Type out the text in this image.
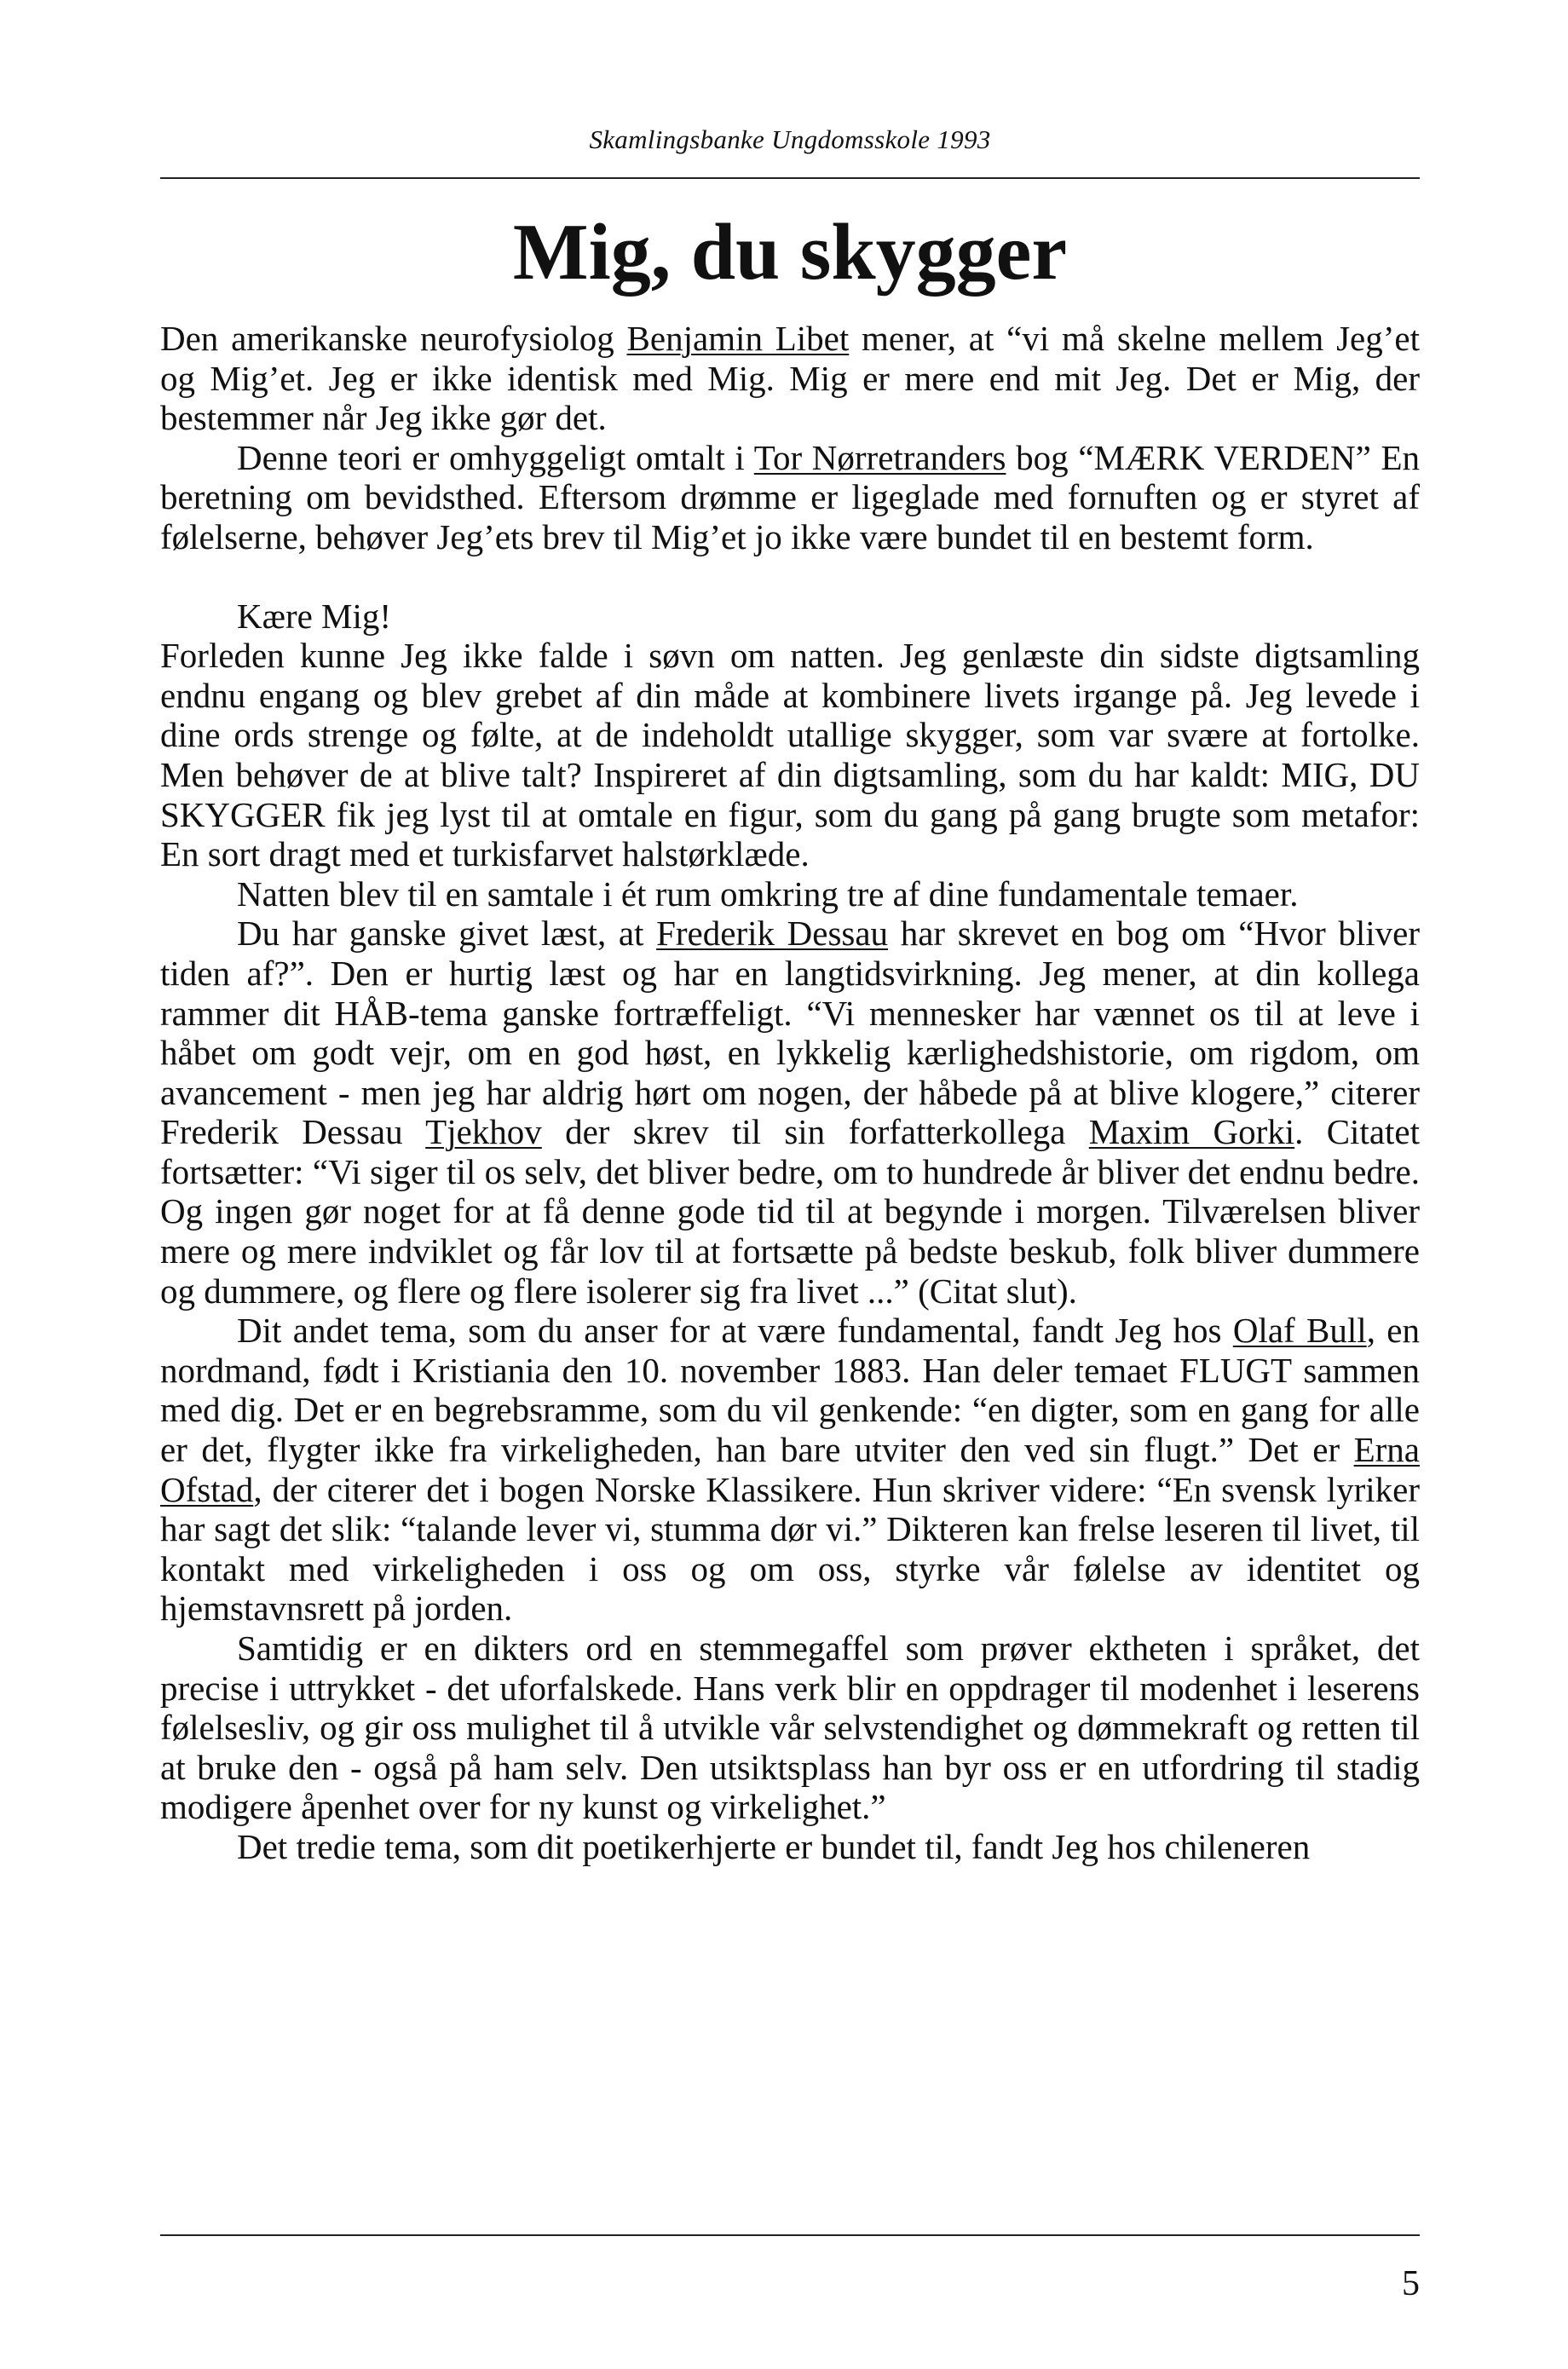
Skamlingsbanke Ungdomsskole 1993
Mig, du skygger

Den amerikanske neurofysiolog Benjamin Libet mener, at “vi må skelne mellem Jeg’et og Mig’et. Jeg er ikke identisk med Mig. Mig er mere end mit Jeg. Det er Mig, der bestemmer når Jeg ikke gør det.

Denne teori er omhyggeligt omtalt i Tor Nørretranders bog “MÆRK VERDEN” En beretning om bevidsthed. Eftersom drømme er ligeglade med fornuften og er styret af følelserne, behøver Jeg’ets brev til Mig’et jo ikke være bundet til en bestemt form.

Kære Mig!

Forleden kunne Jeg ikke falde i søvn om natten. Jeg genlæste din sidste digtsamling endnu engang og blev grebet af din måde at kombinere livets irgange på. Jeg levede i dine ords strenge og følte, at de indeholdt utallige skygger, som var svære at fortolke. Men behøver de at blive talt? Inspireret af din digtsamling, som du har kaldt: MIG, DU SKYGGER fik jeg lyst til at omtale en figur, som du gang på gang brugte som metafor: En sort dragt med et turkisfarvet halstørklæde.

Natten blev til en samtale i ét rum omkring tre af dine fundamentale temaer.

Du har ganske givet læst, at Frederik Dessau har skrevet en bog om “Hvor bliver tiden af?”. Den er hurtig læst og har en langtidsvirkning. Jeg mener, at din kollega rammer dit HÅB-tema ganske fortræffeligt. “Vi mennesker har vænnet os til at leve i håbet om godt vejr, om en god høst, en lykkelig kærlighedshistorie, om rigdom, om avancement - men jeg har aldrig hørt om nogen, der håbede på at blive klogere,” citerer Frederik Dessau Tjekhov der skrev til sin forfatterkollega Maxim Gorki. Citatet fortsætter: “Vi siger til os selv, det bliver bedre, om to hundrede år bliver det endnu bedre. Og ingen gør noget for at få denne gode tid til at begynde i morgen. Tilværelsen bliver mere og mere indviklet og får lov til at fortsætte på bedste beskub, folk bliver dummere og dummere, og flere og flere isolerer sig fra livet ...” (Citat slut).

Dit andet tema, som du anser for at være fundamental, fandt Jeg hos Olaf Bull, en nordmand, født i Kristiania den 10. november 1883. Han deler temaet FLUGT sammen med dig. Det er en begrebsramme, som du vil genkende: “en digter, som en gang for alle er det, flygter ikke fra virkeligheden, han bare utviter den ved sin flugt.” Det er Erna Ofstad, der citerer det i bogen Norske Klassikere. Hun skriver videre: “En svensk lyriker har sagt det slik: “talande lever vi, stumma dør vi.” Dikteren kan frelse leseren til livet, til kontakt med virkeligheden i oss og om oss, styrke vår følelse av identitet og hjemstavnsrett på jorden.

Samtidig er en dikters ord en stemmegaffel som prøver ektheten i språket, det precise i uttrykket - det uforfalskede. Hans verk blir en oppdrager til modenhet i leserens følelsesliv, og gir oss mulighet til å utvikle vår selvstendighet og dømmekraft og retten til at bruke den - også på ham selv. Den utsiktsplass han byr oss er en utfordring til stadig modigere åpenhet over for ny kunst og virkelighet.”

Det tredie tema, som dit poetikerhjerte er bundet til, fandt Jeg hos chileneren

5
